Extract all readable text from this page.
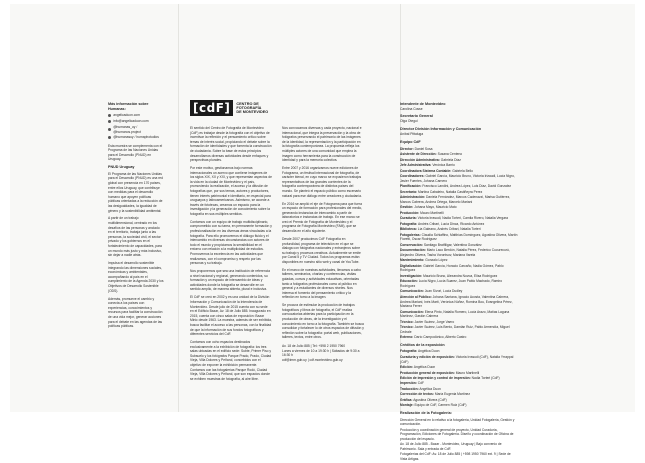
Más información sobre Humanas:

angelicaduon.com
info@angelicaduon.com
@humanas_uy / @humanos.project
@humanasuy / humaphotudios

Esta muestra se complementa con el Programa de las Naciones Unidas para el Desarrollo (PNUD) en Uruguay.

PNUD Uruguay

El Programa de las Naciones Unidas para el Desarrollo (PNUD) es una red global con presencia en 170 países, entre ellos Uruguay, que contribuye con medidas para el desarrollo humano que apoyen políticas públicas orientadas a la reducción de las desigualdades, la igualdad de género y la sostenibilidad ambiental.

A partir de un trabajo multidimensional, centrado en los desafíos de las personas y anclado en el territorio, trabaja junto a las personas, la sociedad civil, el sector privado y los gobiernos en el fortalecimiento de capacidades, para un mundo más justo y más inclusivo, sin dejar a nadie atrás.

Impulsa el desarrollo sostenible integrando las dimensiones sociales, económicas y ambientales, acompañando al país en el cumplimiento de la Agenda 2030 y los Objetivos de Desarrollo Sostenible (ODS).

Además, promueve el cambio y conecta a los países con experiencias, conocimientos y recursos para facilitar la construcción de una vida mejor, generar acciones para el debate en las agendas de las políticas públicas.

[cdF]	CENTRO DE
FOTOGRAFÍA
DE MONTEVIDEO

El sentido del Centro de Fotografía de Montevideo (CdF) es trabajar desde la fotografía con el objetivo de incentivar la reflexión y el pensamiento crítico sobre temas de interés social, propiciando el debate sobre la formación de identidades y que fomenta la construcción de ciudadanía. Sobre la base de estos principios desarrollamos diversas actividades desde enfoques y perspectivas plurales.

Por este motivo, gestionamos bajo normas internacionales un acervo que contiene imágenes de los siglos XIX, XX y XXI, y que representan aspectos de la vida en la ciudad de Montevideo y el país, promoviendo la realización, el acceso y la difusión de fotografías que, por sus temas, autores y productores, tienen interés patrimonial e identitario, en especial para uruguayos y latinoamericanos. Asimismo, se accede a través de fototecas, creamos un espacio para la investigación y la generación de conocimiento sobre la fotografía en sus múltiples sentidos.

Contamos con un equipo de trabajo multidisciplinario, comprometido con su tarea, en permanente formación y profesionalización en las diversas áreas vinculadas a la fotografía. Para ello promovemos el diálogo fluido y el intercambio en diversas circunstancias con actores de todo el mundo y propiciamos la sensibilidad en el entorno con relación a la multiplicidad de estudios. Promovemos la excelencia en las actividades que realizamos, con el compromiso y respeto por las personas y su trabajo.

Nos proponemos que sea una institución de referencia a nivel nacional y regional, generando contenidos, su formación y un espacio de intercambio de ideas y actividades donde la fotografía se desarrolle en un sentido amplio, de manera abierta, plural e inclusiva.

El CdF se creó en 2002 y es una unidad de la División Información y Comunicación de la Intendencia de Montevideo. Desde julio de 2015 cuenta con su sede en el Edificio Bazar, Av. 18 de Julio 885. Inaugurado en 2015, cuenta con cinco salas de exposición: Bazar Minic desde 1963. La muestra, además de ser exhibida, busca facilitar el acceso a las personas, con la finalidad de que la información de sus fondos fotográficos y diferentes servicios del CdF.

Contamos con ocho espacios destinados exclusivamente a la exhibición de fotografía: los tres salas ubicadas en el edificio sede: Subte, Primer Piso y Subsuelo y los fotógrafos Parque Prado, Prado, Ciudad Vieja, Villa Dolores y Peñarol, concebidos con el objetivo de exponer la exhibición permanente. Contamos con las fotogalerías Parque Rodó, Ciudad Vieja, Villa Dolores y Peñarol, que son espacios donde se exhiben muestras de fotografía, al aire libre.

Nos convocamos diversas y cada proyecto, nacional e internacional, que integra la preservación y la obra de fotógrafos preservando el patrimonio de las imágenes de la identidad, la representación y la participación en la fotografía contemporánea. La propuesta refleja los múltiples actores de una comunidad que emplea la imagen como herramienta para la construcción de identidad y para la memoria colectiva.

Entre 2007 y 2016 organizamos nueve ediciones de Fotograma, un festival internacional de fotografía, de carácter bienal, en cuyo marco se expusieron trabajos representativos de las grandes corrientes de la fotografía contemporánea de distintos países del mundo. Se planteó el espacio público como escenario natural para ese diálogo entre creadores y ciudadanía.

En 2016 se amplió el eje de Fotograma para que fuera un espacio de formación para profesionales del medio, generando instancias de intercambio a partir de laboratorios e instancias de trabajo. En ese marco se creó el Premio de Fotografía de Montevideo y el programa de Fotografía Montevideo (FAM), que se desarrolla en el año siguiente.

Desde 2007 producimos CdF Fotografía en profundidad, programa de televisión en el que se dialoga con fotógrafos nacionales y extranjeros sobre su trabajo y procesos creativos. Actualmente se emite por Canal 5 y TV Ciudad. Todos los programas están disponibles en nuestro sitio web y canal de YouTube.

En el marco de nuestras actividades, llevamos a cabo talleres, seminarios, charlas y conferencias, visitas guiadas, cursos y actividades educativas, orientadas tanto a fotógrafos profesionales como al público en general y a estudiantes de diversos niveles. Nos interesa el fomento del pensamiento crítico y la reflexión en torno a la imagen.

Se procura de estimular la producción de trabajos fotográficos y libros de fotografía, el CdF realiza convocatorias abiertas para la participación en la producción de obras, de la investigación y el conocimiento en torno a la fotografía. También se busca consolidar y fortalecer lo de otros espacios de difusión y reflexión sobre la fotografía: portal web, publicaciones, talleres, textos, entre otros.

Av. 18 de Julio 885 | Tel: +598 2 1950 7960
Lunes a viernes de 10 a 19:30 h | Sábados de 9:30 a 16:30 h
cdf@imm.gub.uy | cdf.montevideo.gub.uy

Intendente de Montevideo

Carolina Cosse

Secretario General

Olga Otegui

Director División Información y Comunicación

Aníbal Pittaluga

Equipo CdF

Director: Daniel Sosa
Asistente de Dirección: Susana Centeno
Dirección Administrativa: Gabriela Díaz
Jefe Administrativa: Verónica Barrio
Coordinadora Sistema Contable: Gabriela Bello
Coordinadores: Gabriel García, Mauricio Bruno, Victoria Irizaudi, Lucía Nigro, Javier Fuentes, Johana Carnero
Planificación: Francisco Landini, Andrea López, Luis Díaz, David Gonzalez
Secretaría: Martina Cabaleiro, Natalia Castiñeyra Perez
Administración: Daniela Fernández, Marcos Cadenazzi, Marisa Gutiérrez, Marcos Cabrera, Andrea Ortega, Marcelo Mariani
Gestión: Johana Mayo, Mauricio Mato
Producción: Mauro Martinelli
Curaduría: Victoria Irrasudi, Nadia Torteri, Camila Rivero, Natalia Vergara
Fotografía: Andrés Cribari, Lucía Dinca, Ricardo Antúnez
Biblioteca: Lía Galeano, Andrés Cribari, Natalia Torteri
Fotogalerías: Claudia Schiaffino, Matthías Domínguez, Agostina Olivera, Martín Fioretti, Oscar Rodríguez
Conservación: Santiago Bratfiligar, Valentina González
Documentación: Mario Laco Berdón, Natalia Pérez, Federico Cucurecurú, Alejandro Olivera, Tasha Vorontsov, Mariana Varela
Mantenimiento: Gonzalo López
Digitalización: Gabriel García, Horacio Carcaño, Nadia Gómez, Pablo Rodríguez
Investigación: Mauricio Bruno, Alexandra Novoa, Elisa Rodríguez
Educación: Lucía Nigro, Lucía Suarez, Juan Pablo Machado, Ramiro Rodríguez
Comunicación: Juan Sívori, Lucía Dudley
Atención al Público: Johana Santana, Ignacio Acosta, Valentina Cabrera, Andrea Mariani, Inés Martí, Verónica Núñez, Romina Bou, Evangelina Pérez, Mariana Ferrer
Comunicación: Elena Pinto, Natalia Romero, Lucía Arazo, Matías Laguna Martínez, Gastón Cabrera
Técnico: Javier Suárez, Jorge Vaero
Técnico: Javier Suárez, Luis Bento, Damián Ruiz, Pablo Armendía, Miguel Cedrale
Externo: Darío Campodónico, Alberto Castro

Créditos de la exposición

Fotografía: Angélica Duon
Curaduría y edición de exposición: Victoria Irrasudi (CdF), Natalia Yrrappal (CdF)
Edición: Angélica Duon
Producción general de exposición: Mauro Martinelli
Edición de impresión y control de impresión: Nadia Torteri (CdF)
Impresión: CdF
Traducción: Angélica Duon
Corrección de textos: María Eugenia Martínez
Gráfica: Agustina Olivera (CdF)
Montaje: Equipo de CdF, Carmen Ruiz (CdF)

Realización de la Fotogalería:

Dirección General en lo relativo a la fotogalería, Unidad Fotogalería, Gestión y comunicación.
Producción y coordinación general de proyecto, Unidad Curaduría, Programación, Ediciones de Fotogalería. Diseño y coordinación de Oficina de producción del espacio.
Av. 18 de Julio 885 - Bazar - Montevideo, Uruguay | Bajo convenio de Patrimonio. Sala y entrada de CdF.
Fotogalerías del CdF: Av. 18 de Julio 885 | +598 1950 7960 ext. 9 | Sede de Vista Artigas.
